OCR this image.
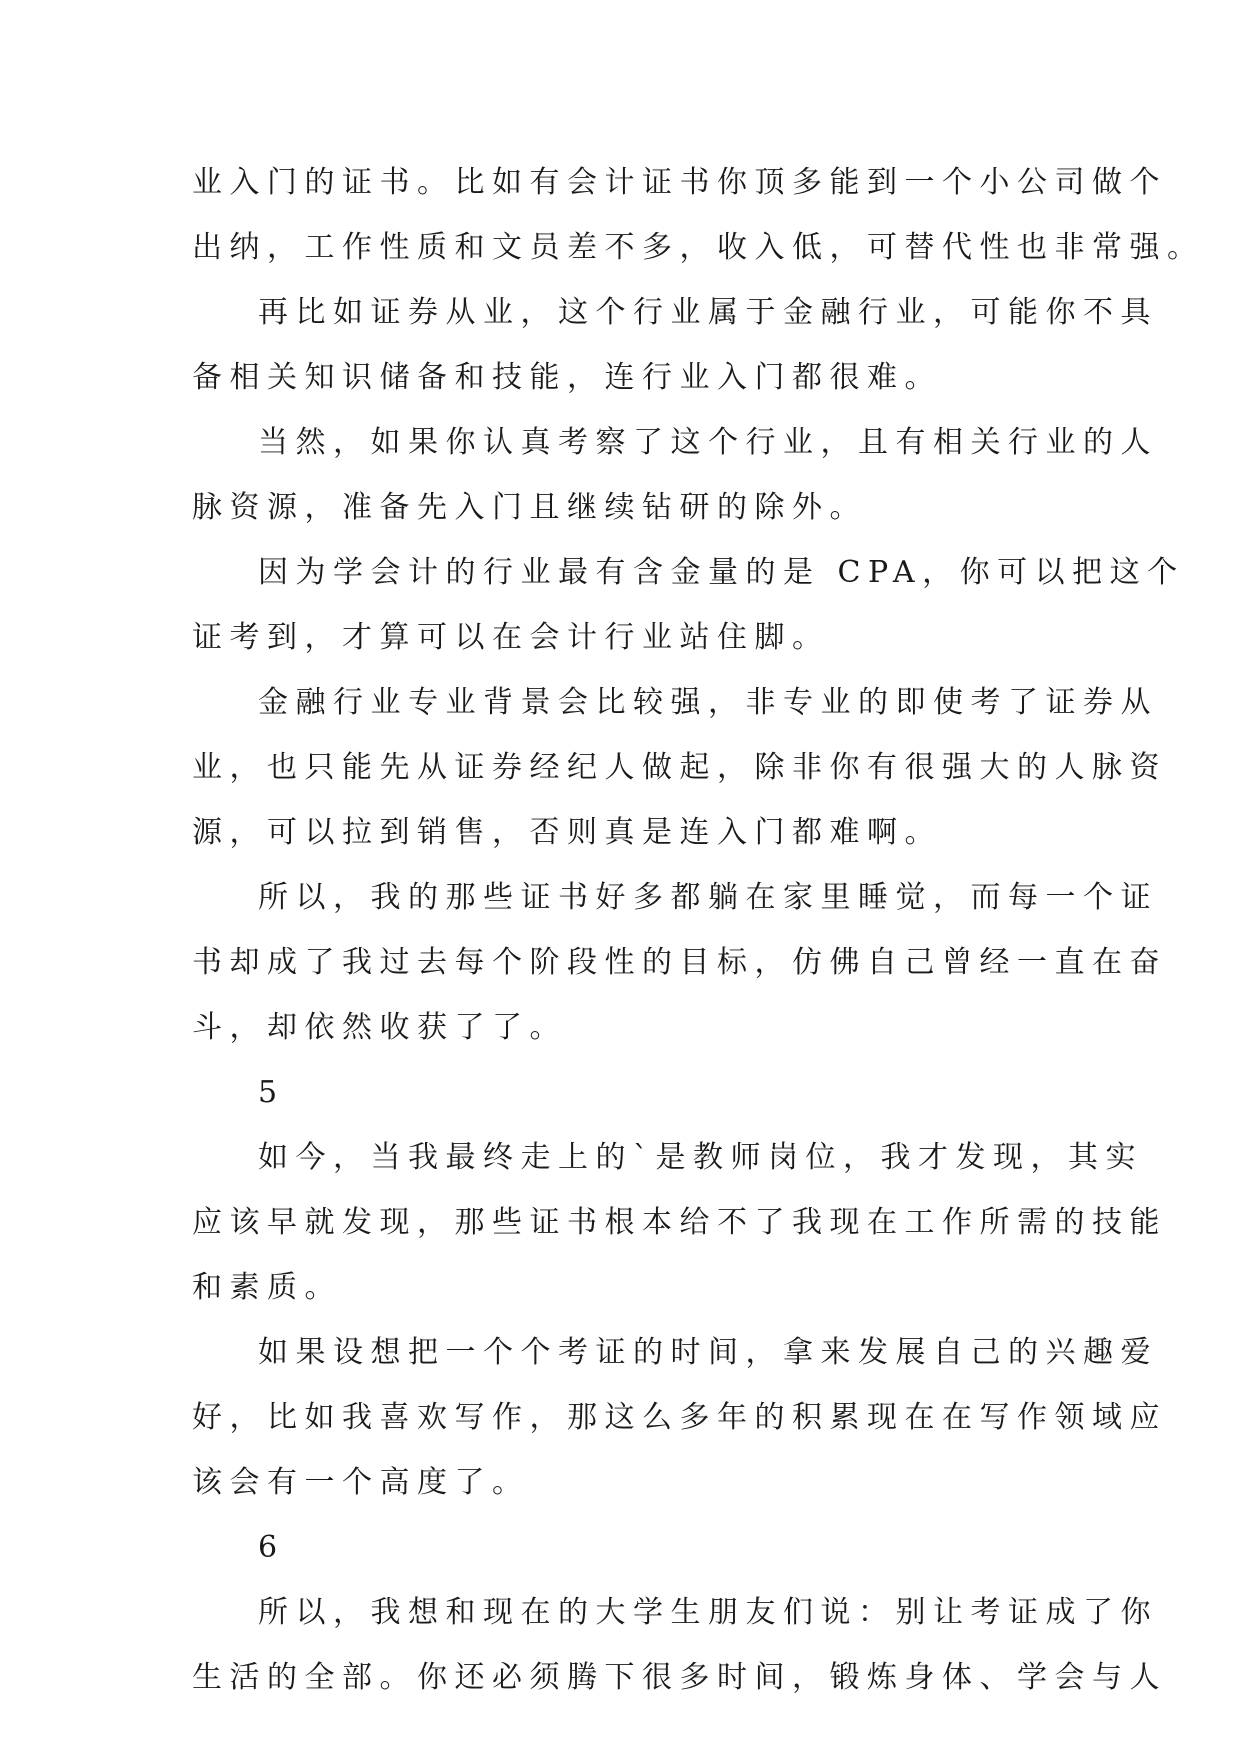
业入门的证书。比如有会计证书你顶多能到一个小公司做个
出纳，工作性质和文员差不多，收入低，可替代性也非常强。
再比如证券从业，这个行业属于金融行业，可能你不具
备相关知识储备和技能，连行业入门都很难。
当然，如果你认真考察了这个行业，且有相关行业的人
脉资源，准备先入门且继续钻研的除外。
因为学会计的行业最有含金量的是 CPA，你可以把这个
证考到，才算可以在会计行业站住脚。
金融行业专业背景会比较强，非专业的即使考了证券从
业，也只能先从证券经纪人做起，除非你有很强大的人脉资
源，可以拉到销售，否则真是连入门都难啊。
所以，我的那些证书好多都躺在家里睡觉，而每一个证
书却成了我过去每个阶段性的目标，仿佛自己曾经一直在奋
斗，却依然收获了了。
5
如今，当我最终走上的`是教师岗位，我才发现，其实
应该早就发现，那些证书根本给不了我现在工作所需的技能
和素质。
如果设想把一个个考证的时间，拿来发展自己的兴趣爱
好，比如我喜欢写作，那这么多年的积累现在在写作领域应
该会有一个高度了。
6
所以，我想和现在的大学生朋友们说：别让考证成了你
生活的全部。你还必须腾下很多时间，锻炼身体、学会与人
